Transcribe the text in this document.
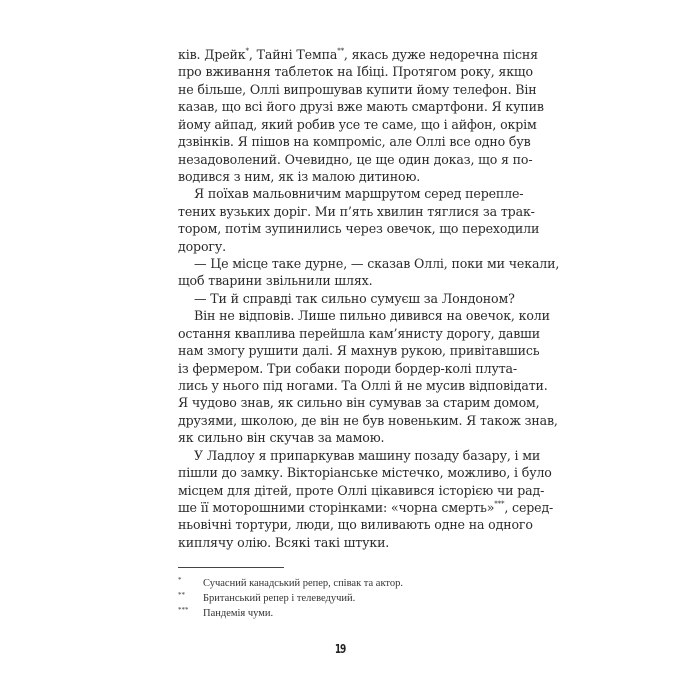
ків. Дрейк*, Тайні Темпа**, якась дуже недоречна пісня
про вживання таблеток на Ібіці. Протягом року, якщо
не більше, Оллі випрошував купити йому телефон. Він
казав, що всі його друзі вже мають смартфони. Я купив
йому айпад, який робив усе те саме, що і айфон, окрім
дзвінків. Я пішов на компроміс, але Оллі все одно був
незадоволений. Очевидно, це ще один доказ, що я по-
водився з ним, як із малою дитиною.
Я поїхав мальовничим маршрутом серед перепле-
тених вузьких доріг. Ми п’ять хвилин тяглися за трак-
тором, потім зупинились через овечок, що переходили
дорогу.
— Це місце таке дурне, — сказав Оллі, поки ми чекали,
щоб тварини звільнили шлях.
— Ти й справді так сильно сумуєш за Лондоном?
Він не відповів. Лише пильно дивився на овечок, коли
остання кваплива перейшла кам’янисту дорогу, давши
нам змогу рушити далі. Я махнув рукою, привітавшись
із фермером. Три собаки породи бордер-колі плута-
лись у нього під ногами. Та Оллі й не мусив відповідати.
Я чудово знав, як сильно він сумував за старим домом,
друзями, школою, де він не був новеньким. Я також знав,
як сильно він скучав за мамою.
У Ладлоу я припаркував машину позаду базару, і ми
пішли до замку. Вікторіанське містечко, можливо, і було
місцем для дітей, проте Оллі цікавився історією чи рад-
ше її моторошними сторінками: «чорна смерть»***, серед-
ньовічні тортури, люди, що виливають одне на одного
киплячу олію. Всякі такі штуки.
* Сучасний канадський репер, співак та актор.
** Британський репер і телеведучий.
*** Пандемія чуми.
19
